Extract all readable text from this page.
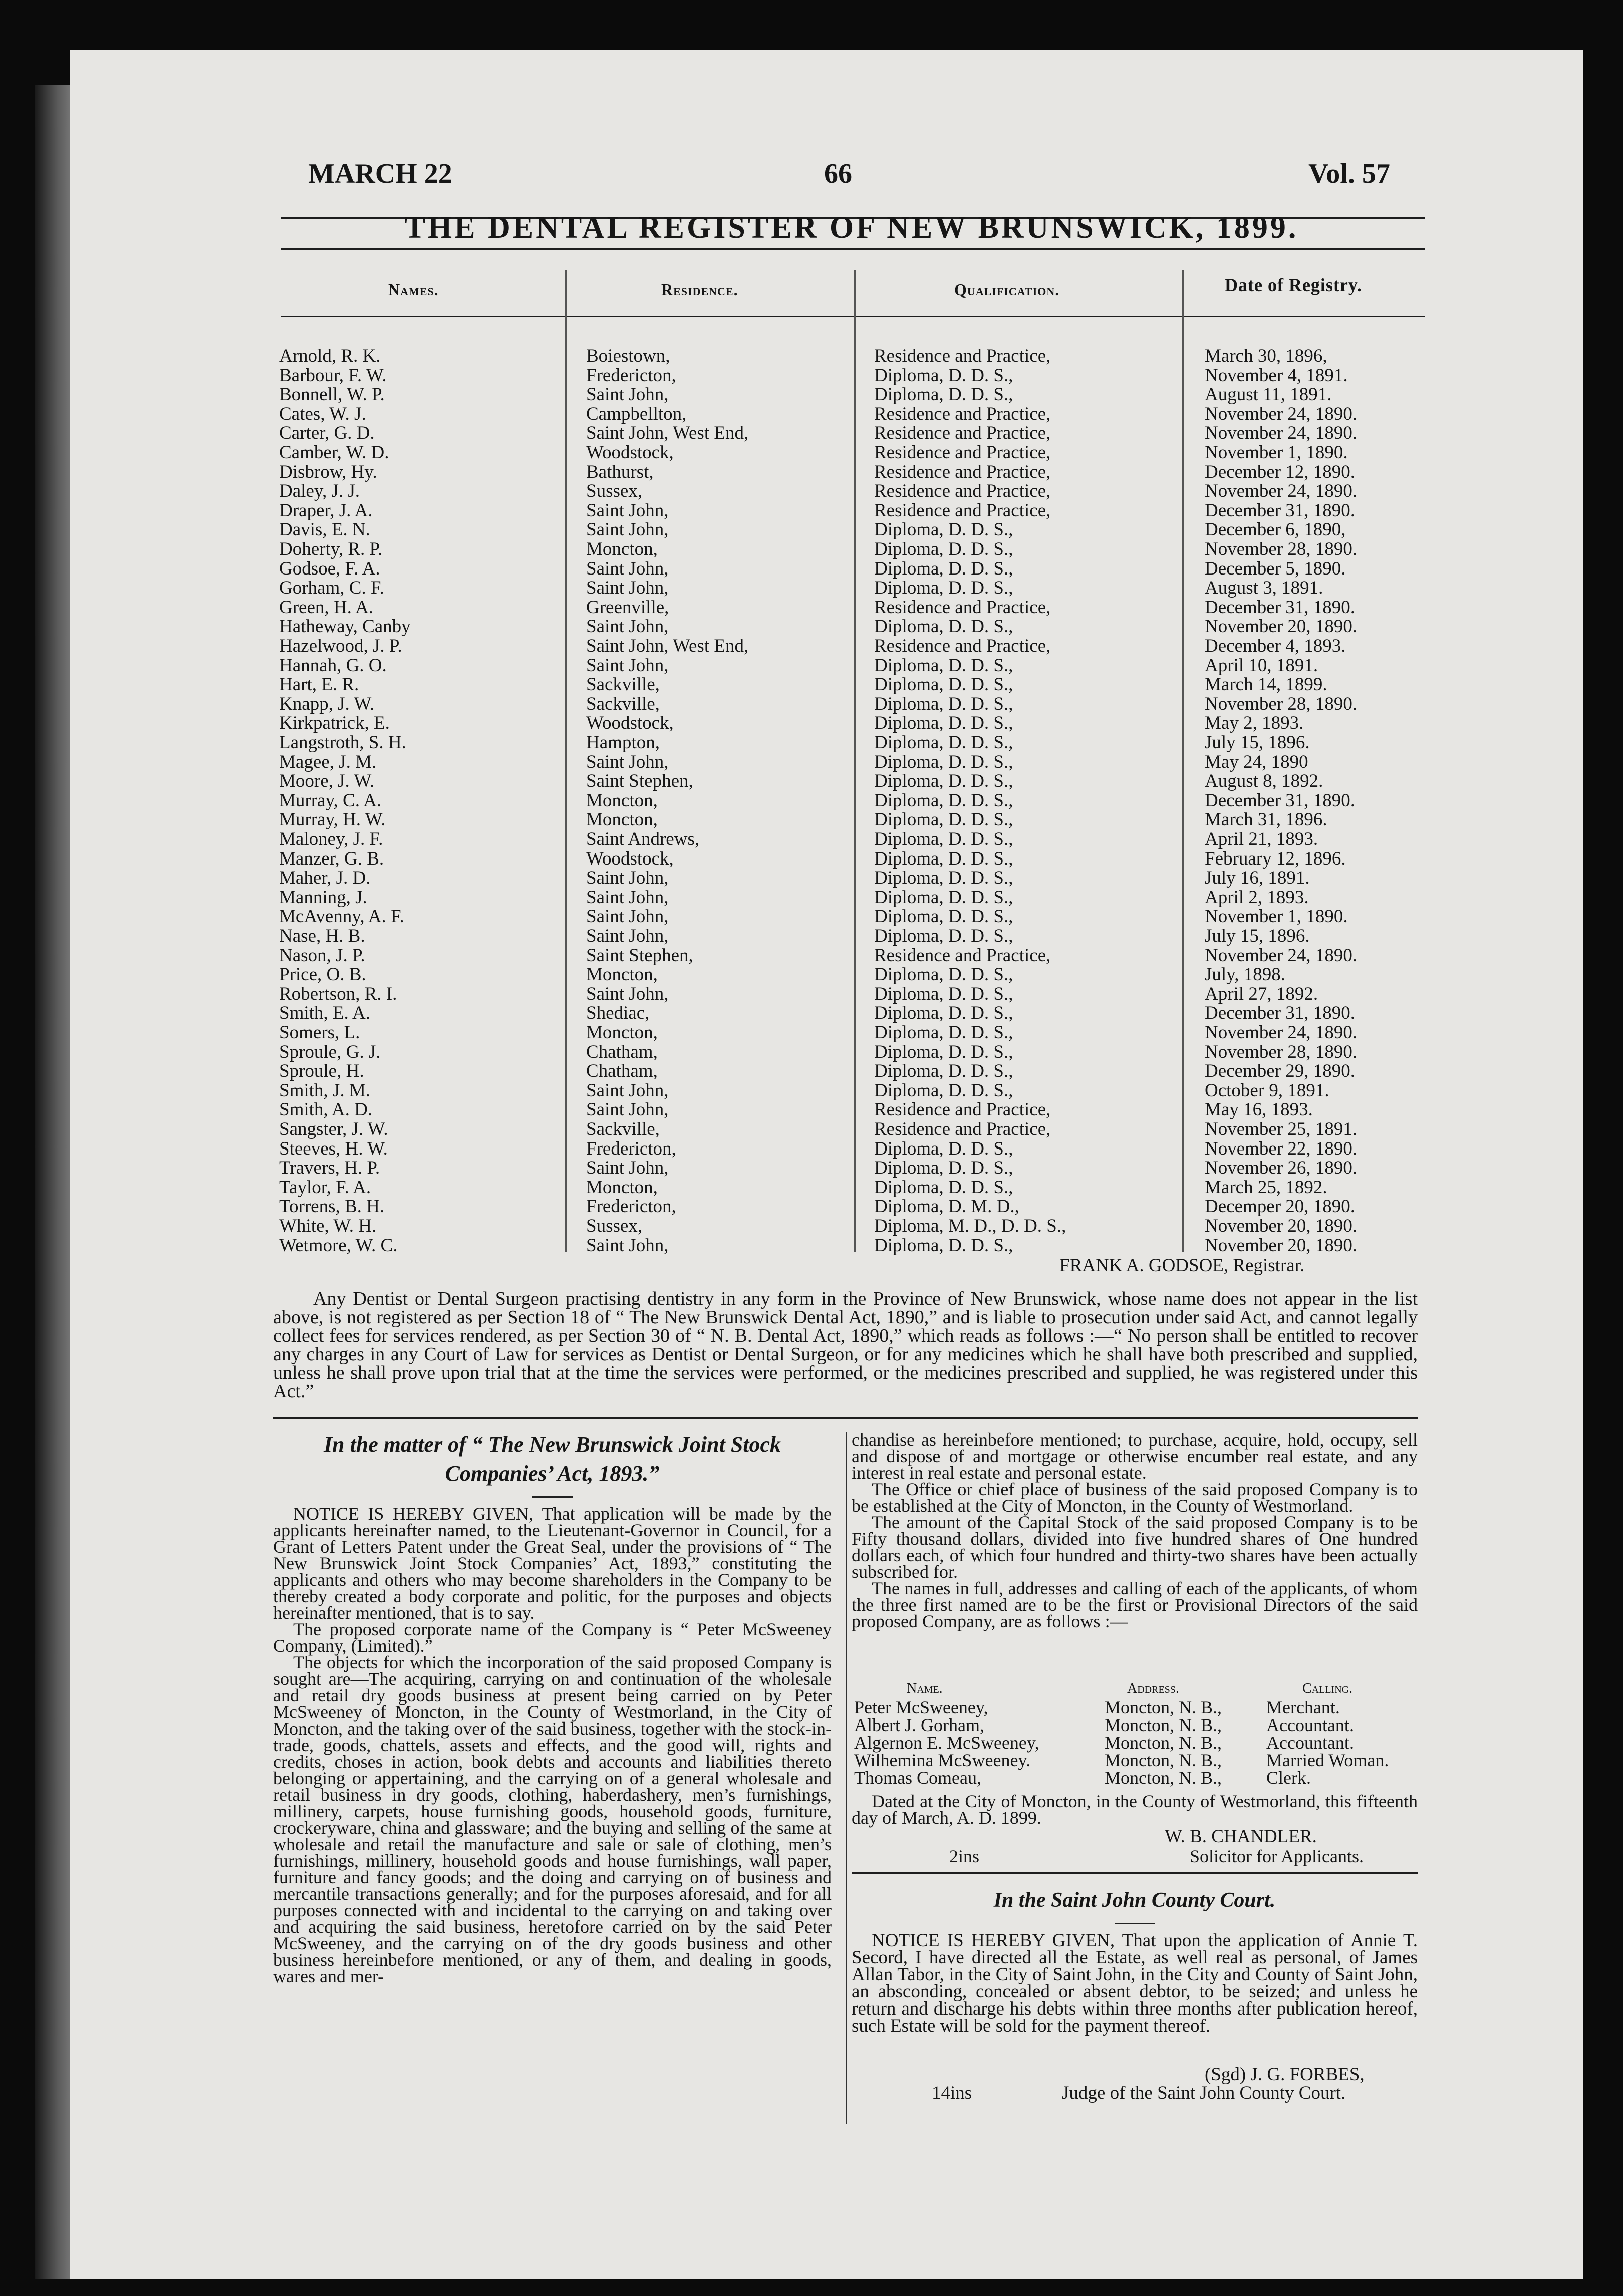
MARCH 22	66	Vol. 57
THE DENTAL REGISTER OF NEW BRUNSWICK, 1899.
Names.	Residence.	Qualification.	Date of Registry.
Arnold, R. K.	Boiestown,	Residence and Practice,	March 30, 1896,
Barbour, F. W.	Fredericton,	Diploma, D. D. S.,	November 4, 1891.
Bonnell, W. P.	Saint John,	Diploma, D. D. S.,	August 11, 1891.
Cates, W. J.	Campbellton,	Residence and Practice,	November 24, 1890.
Carter, G. D.	Saint John, West End,	Residence and Practice,	November 24, 1890.
Camber, W. D.	Woodstock,	Residence and Practice,	November 1, 1890.
Disbrow, Hy.	Bathurst,	Residence and Practice,	December 12, 1890.
Daley, J. J.	Sussex,	Residence and Practice,	November 24, 1890.
Draper, J. A.	Saint John,	Residence and Practice,	December 31, 1890.
Davis, E. N.	Saint John,	Diploma, D. D. S.,	December 6, 1890,
Doherty, R. P.	Moncton,	Diploma, D. D. S.,	November 28, 1890.
Godsoe, F. A.	Saint John,	Diploma, D. D. S.,	December 5, 1890.
Gorham, C. F.	Saint John,	Diploma, D. D. S.,	August 3, 1891.
Green, H. A.	Greenville,	Residence and Practice,	December 31, 1890.
Hatheway, Canby	Saint John,	Diploma, D. D. S.,	November 20, 1890.
Hazelwood, J. P.	Saint John, West End,	Residence and Practice,	December 4, 1893.
Hannah, G. O.	Saint John,	Diploma, D. D. S.,	April 10, 1891.
Hart, E. R.	Sackville,	Diploma, D. D. S.,	March 14, 1899.
Knapp, J. W.	Sackville,	Diploma, D. D. S.,	November 28, 1890.
Kirkpatrick, E.	Woodstock,	Diploma, D. D. S.,	May 2, 1893.
Langstroth, S. H.	Hampton,	Diploma, D. D. S.,	July 15, 1896.
Magee, J. M.	Saint John,	Diploma, D. D. S.,	May 24, 1890
Moore, J. W.	Saint Stephen,	Diploma, D. D. S.,	August 8, 1892.
Murray, C. A.	Moncton,	Diploma, D. D. S.,	December 31, 1890.
Murray, H. W.	Moncton,	Diploma, D. D. S.,	March 31, 1896.
Maloney, J. F.	Saint Andrews,	Diploma, D. D. S.,	April 21, 1893.
Manzer, G. B.	Woodstock,	Diploma, D. D. S.,	February 12, 1896.
Maher, J. D.	Saint John,	Diploma, D. D. S.,	July 16, 1891.
Manning, J.	Saint John,	Diploma, D. D. S.,	April 2, 1893.
McAvenny, A. F.	Saint John,	Diploma, D. D. S.,	November 1, 1890.
Nase, H. B.	Saint John,	Diploma, D. D. S.,	July 15, 1896.
Nason, J. P.	Saint Stephen,	Residence and Practice,	November 24, 1890.
Price, O. B.	Moncton,	Diploma, D. D. S.,	July, 1898.
Robertson, R. I.	Saint John,	Diploma, D. D. S.,	April 27, 1892.
Smith, E. A.	Shediac,	Diploma, D. D. S.,	December 31, 1890.
Somers, L.	Moncton,	Diploma, D. D. S.,	November 24, 1890.
Sproule, G. J.	Chatham,	Diploma, D. D. S.,	November 28, 1890.
Sproule, H.	Chatham,	Diploma, D. D. S.,	December 29, 1890.
Smith, J. M.	Saint John,	Diploma, D. D. S.,	October 9, 1891.
Smith, A. D.	Saint John,	Residence and Practice,	May 16, 1893.
Sangster, J. W.	Sackville,	Residence and Practice,	November 25, 1891.
Steeves, H. W.	Fredericton,	Diploma, D. D. S.,	November 22, 1890.
Travers, H. P.	Saint John,	Diploma, D. D. S.,	November 26, 1890.
Taylor, F. A.	Moncton,	Diploma, D. D. S.,	March 25, 1892.
Torrens, B. H.	Fredericton,	Diploma, D. M. D.,	Decemper 20, 1890.
White, W. H.	Sussex,	Diploma, M. D., D. D. S.,	November 20, 1890.
Wetmore, W. C.	Saint John,	Diploma, D. D. S.,	November 20, 1890.
FRANK A. GODSOE, Registrar.

Any Dentist or Dental Surgeon practising dentistry in any form in the Province of New Brunswick, whose name does not appear in the list above, is not registered as per Section 18 of “ The New Brunswick Dental Act, 1890,” and is liable to prosecution under said Act, and cannot legally collect fees for services rendered, as per Section 30 of “ N. B. Dental Act, 1890,” which reads as follows :—“ No person shall be entitled to recover any charges in any Court of Law for services as Dentist or Dental Surgeon, or for any medicines which he shall have both prescribed and supplied, unless he shall prove upon trial that at the time the services were performed, or the medicines prescribed and supplied, he was registered under this Act.”

In the matter of “ The New Brunswick Joint Stock Companies’ Act, 1893.”

NOTICE IS HEREBY GIVEN, That application will be made by the applicants hereinafter named, to the Lieutenant-Governor in Council, for a Grant of Letters Patent under the Great Seal, under the provisions of “ The New Brunswick Joint Stock Companies’ Act, 1893,” constituting the applicants and others who may become shareholders in the Company to be thereby created a body corporate and politic, for the purposes and objects hereinafter mentioned, that is to say.

The proposed corporate name of the Company is “ Peter McSweeney Company, (Limited).”

The objects for which the incorporation of the said proposed Company is sought are—The acquiring, carrying on and continuation of the wholesale and retail dry goods business at present being carried on by Peter McSweeney of Moncton, in the County of Westmorland, in the City of Moncton, and the taking over of the said business, together with the stock-in-trade, goods, chattels, assets and effects, and the good will, rights and credits, choses in action, book debts and accounts and liabilities thereto belonging or appertaining, and the carrying on of a general wholesale and retail business in dry goods, clothing, haberdashery, men’s furnishings, millinery, carpets, house furnishing goods, household goods, furniture, crockeryware, china and glassware; and the buying and selling of the same at wholesale and retail the manufacture and sale or sale of clothing, men’s furnishings, millinery, household goods and house furnishings, wall paper, furniture and fancy goods; and the doing and carrying on of business and mercantile transactions generally; and for the purposes aforesaid, and for all purposes connected with and incidental to the carrying on and taking over and acquiring the said business, heretofore carried on by the said Peter McSweeney, and the carrying on of the dry goods business and other business hereinbefore mentioned, or any of them, and dealing in goods, wares and mer-

chandise as hereinbefore mentioned; to purchase, acquire, hold, occupy, sell and dispose of and mortgage or otherwise encumber real estate, and any interest in real estate and personal estate.

The Office or chief place of business of the said proposed Company is to be established at the City of Moncton, in the County of Westmorland.

The amount of the Capital Stock of the said proposed Company is to be Fifty thousand dollars, divided into five hundred shares of One hundred dollars each, of which four hundred and thirty-two shares have been actually subscribed for.

The names in full, addresses and calling of each of the applicants, of whom the three first named are to be the first or Provisional Directors of the said proposed Company, are as follows :—

Name.	Address.	Calling.
Peter McSweeney,	Moncton, N. B., Merchant.
Albert J. Gorham,	Moncton, N. B., Accountant.
Algernon E. McSweeney,	Moncton, N. B., Accountant.
Wilhemina McSweeney.	Moncton, N. B., Married Woman.
Thomas Comeau,	Moncton, N. B., Clerk.

Dated at the City of Moncton, in the County of Westmorland, this fifteenth day of March, A. D. 1899.

W. B. CHANDLER.
2ins	Solicitor for Applicants.
In the Saint John County Court.

NOTICE IS HEREBY GIVEN, That upon the application of Annie T. Secord, I have directed all the Estate, as well real as personal, of James Allan Tabor, in the City of Saint John, in the City and County of Saint John, an absconding, concealed or absent debtor, to be seized; and unless he return and discharge his debts within three months after publication hereof, such Estate will be sold for the payment thereof.

(Sgd) J. G. FORBES,
14ins	Judge of the Saint John County Court.
